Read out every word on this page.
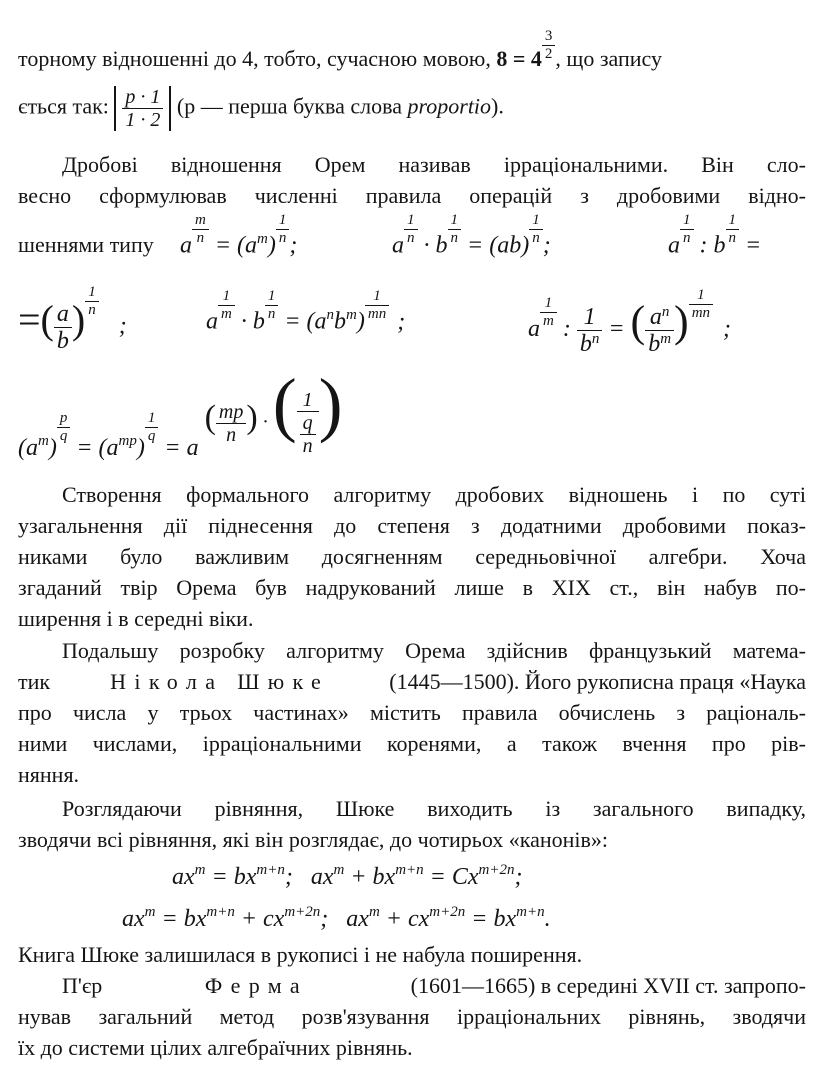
торному відношенні до 4, тобто, сучасною мовою, $8 = 4 \frac{3}{2}$ , що запису
ється так: $\frac{p \cdot 1}{1 \cdot 2} (p$ — перша буква слова proportio).
Дробові відношення Орем називав ірраціональними. Він сло-
весно сформулював численні правила операцій з дробовими відно-
шеннями типу a $\frac{m}{n} = (a^m) \frac{1}{n}$ ;	a $\frac{1}{n} \cdot b \frac{1}{n} = (ab) \frac{1}{n}$ ;	a $\frac{1}{n}$ : b $\frac{1}{n}$ =
=( $\frac{a}{b}$ ) $\frac{1}{n}$
;	a $\frac{1}{m} \cdot b \frac{1}{n} = (a^nb^m) \frac{1}{mn}$ ;	a $\frac{1}{m}$ : $\frac{1}{b^n}$ = ( $\frac{a^n}{b^m}$ ) $\frac{1}{mn}$
;
$(a^m)$
$\frac{p}{q}$
= $(a^{mp})$
$\frac{1}{q}$
= a ( $\frac{mp}{n}$ ) · ( $\frac{1}{\frac{q}{n}}$ )
Створення формального алгоритму дробових відношень і по суті
узагальнення дії піднесення до степеня з додатними дробовими показ-
никами було важливим досягненням середньовічної алгебри. Хоча
згаданий твір Орема був надрукований лише в XIX ст., він набув по-
ширення і в середні віки.
Подальшу розробку алгоритму Орема здійснив французький матема-
тик	Нікола Шюке	(1445—1500). Його рукописна праця «Наука
про числа у трьох частинах» містить правила обчислень з раціональ-
ними числами, ірраціональними коренями, а також вчення про рів-
няння.
Розглядаючи рівняння, Шюке виходить із загального випадку,
зводячи всі рівняння, які він розглядає, до чотирьох «канонів»:
$ax^m = bx^{m+n}$; $ax^m + bx^{m+n} = Cx^{m+2n}$;
$ax^m = bx^{m+n} + cx^{m+2n}$; $ax^m + cx^{m+2n} = bx^{m+n}$.
Книга Шюке залишилася в рукописі і не набула поширення.
П'єр	Ферма	(1601—1665) в середині XVII ст. запропо-
нував загальний метод розв'язування ірраціональних рівнянь, зводячи
їх до системи цілих алгебраїчних рівнянь.
